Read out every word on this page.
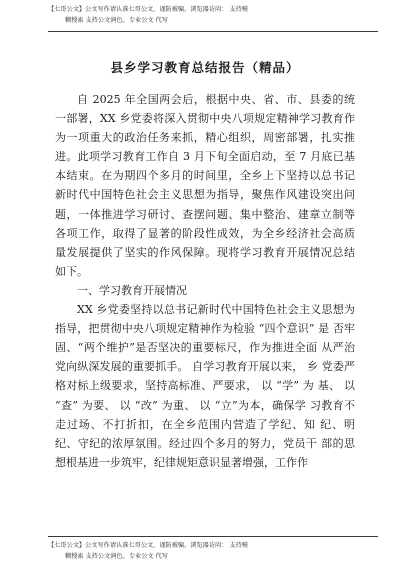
【七哥公文】公文写作请认准七哥公文，谨防被骗，浏览器访问： 支持模
糊搜索 支持公文润色、专业公文 代写
县乡学习教育总结报告（精品）

自 2025 年全国两会后，根据中央、省、市、县委的统 一部署，XX 乡党委将深入贯彻中央八项规定精神学习教育作 为一项重大的政治任务来抓，精心组织，周密部署，扎实推 进。此项学习教育工作自 3 月下旬全面启动，至 7 月底已基 本结束。在为期四个多月的时间里，全乡上下坚持以总书记 新时代中国特色社会主义思想为指导，聚焦作风建设突出问 题，一体推进学习研讨、查摆问题、集中整治、建章立制等 各项工作，取得了显著的阶段性成效，为全乡经济社会高质 量发展提供了坚实的作风保障。现将学习教育开展情况总结 如下。

一、学习教育开展情况

XX 乡党委坚持以总书记新时代中国特色社会主义思想为指导，把贯彻中央八项规定精神作为检验 “四个意识” 是 否牢固、“两个维护”是否坚决的重要标尺，作为推进全面 从严治党向纵深发展的重要抓手。 自学习教育开展以来， 乡 党委严格对标上级要求，坚持高标准、严要求， 以 “学” 为 基、 以 “查” 为要、 以 “改” 为重、 以 “立”为本，确保学 习教育不走过场、不打折扣，在全乡范围内营造了学纪、知 纪、明纪、守纪的浓厚氛围。经过四个多月的努力，党员干 部的思想根基进一步筑牢，纪律规矩意识显著增强，工作作

【七哥公文】公文写作请认准七哥公文，谨防被骗，浏览器访问： 支持模
糊搜索 支持公文润色、专业公文 代写
